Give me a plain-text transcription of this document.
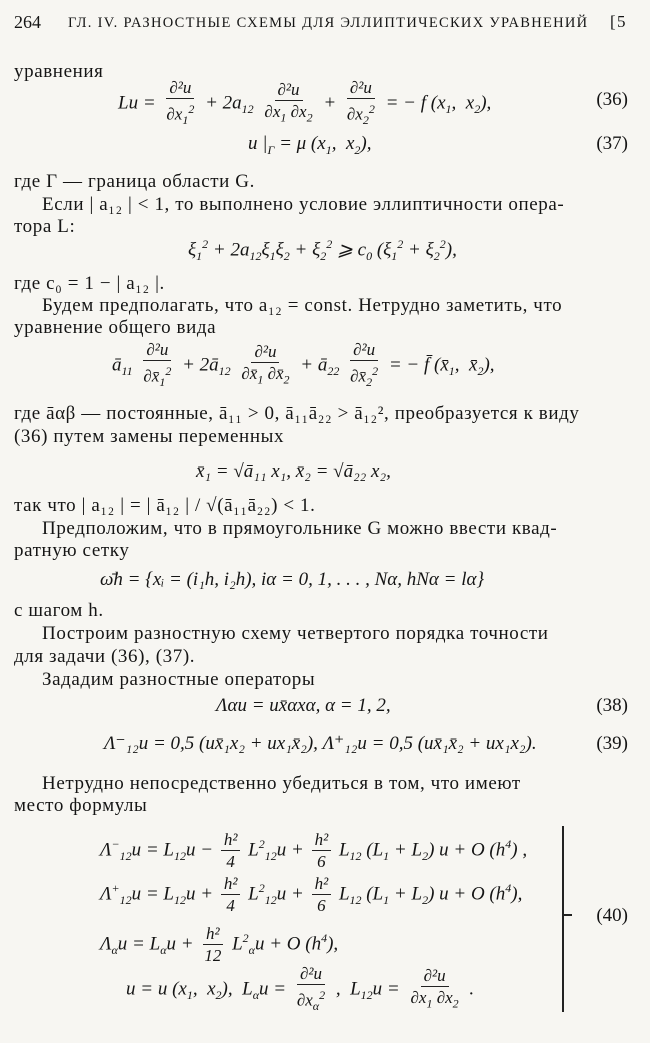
264 ГЛ. IV. РАЗНОСТНЫЕ СХЕМЫ ДЛЯ ЭЛЛИПТИЧЕСКИХ УРАВНЕНИЙ [5
уравнения
$Lu = \frac{\text{∂²u}}{\partial x_1^2} + 2a_{12} \frac{\text{∂²u}}{\partial x_1 \partial x_2} + \frac{\text{∂²u}}{\partial x_2^2}$ = − f ($x_1$,  $x_2$),	(36)
u $|_\Gamma = \mu$ ($x_1$,  $x_2$),	(37)
где Γ — граница области G.
Если | a₁₂ | < 1, то выполнено условие эллиптичности опера-
тора L:
$\xi_1^2 + 2a_{12}\xi_1\xi_2 + \xi_2^2$ ⩾ $c_0$ $(\xi_1^2 + \xi_2^2)$,
где c₀ = 1 − | a₁₂ |.
Будем предполагать, что a₁₂ = const. Нетрудно заметить, что
уравнение общего вида
$ā_{11} \frac{\text{∂²u}}{\partial x̄_1^2}$ + $2ā_{12} \frac{\text{∂²u}}{\partial x̄_1 \partial x̄_2}$ + $ā_{22} \frac{\text{∂²u}}{\partial x̄_2^2}$ = − f̄ ($x̄_1$,  $x̄_2$),
где āαβ — постоянные, ā₁₁ > 0, ā₁₁ā₂₂ > ā₁₂², преобразуется к виду
(36) путем замены переменных
x̄₁ = √ā₁₁ x₁, x̄₂ = √ā₂₂ x₂,
так что | a₁₂ | = | ā₁₂ | / √(ā₁₁ā₂₂) < 1.
Предположим, что в прямоугольнике G можно ввести квад-
ратную сетку
ω̄h = {xᵢ = (i₁h, i₂h), iα = 0, 1, . . . , Nα, hNα = lα}
с шагом h.
Построим разностную схему четвертого порядка точности
для задачи (36), (37).
Зададим разностные операторы
Λαu = ux̄αxα, α = 1, 2,	(38)
Λ⁻₁₂u = 0,5 (ux̄₁x₂ + ux₁x̄₂), Λ⁺₁₂u = 0,5 (ux̄₁x̄₂ + ux₁x₂).	(39)
Нетрудно непосредственно убедиться в том, что имеют
место формулы
$\Lambda^-_{12}u = L_{12}u - \frac{\text{h²}}{4} L^2_{12}u + \frac{\text{h²}}{6} L_{12}$ $(L_1 + L_2) u + O$ $(h^4)$ ,
$\Lambda^+_{12}u = L_{12}u + \frac{\text{h²}}{4} L^2_{12}u + \frac{\text{h²}}{6} L_{12}$ $(L_1 + L_2) u + O$ $(h^4)$,
$\Lambda_\alpha u = L_\alpha u + \frac{\text{h²}}{12} L^2_\alpha u + O$ $(h^4)$,
u = u ($x_1$,  $x_2$),  $L_\alpha u = \frac{\text{∂²u}}{\partial x_\alpha^2}$ ,  $L_{12}u = \frac{\text{∂²u}}{\partial x_1 \partial x_2}$ .
(40)
